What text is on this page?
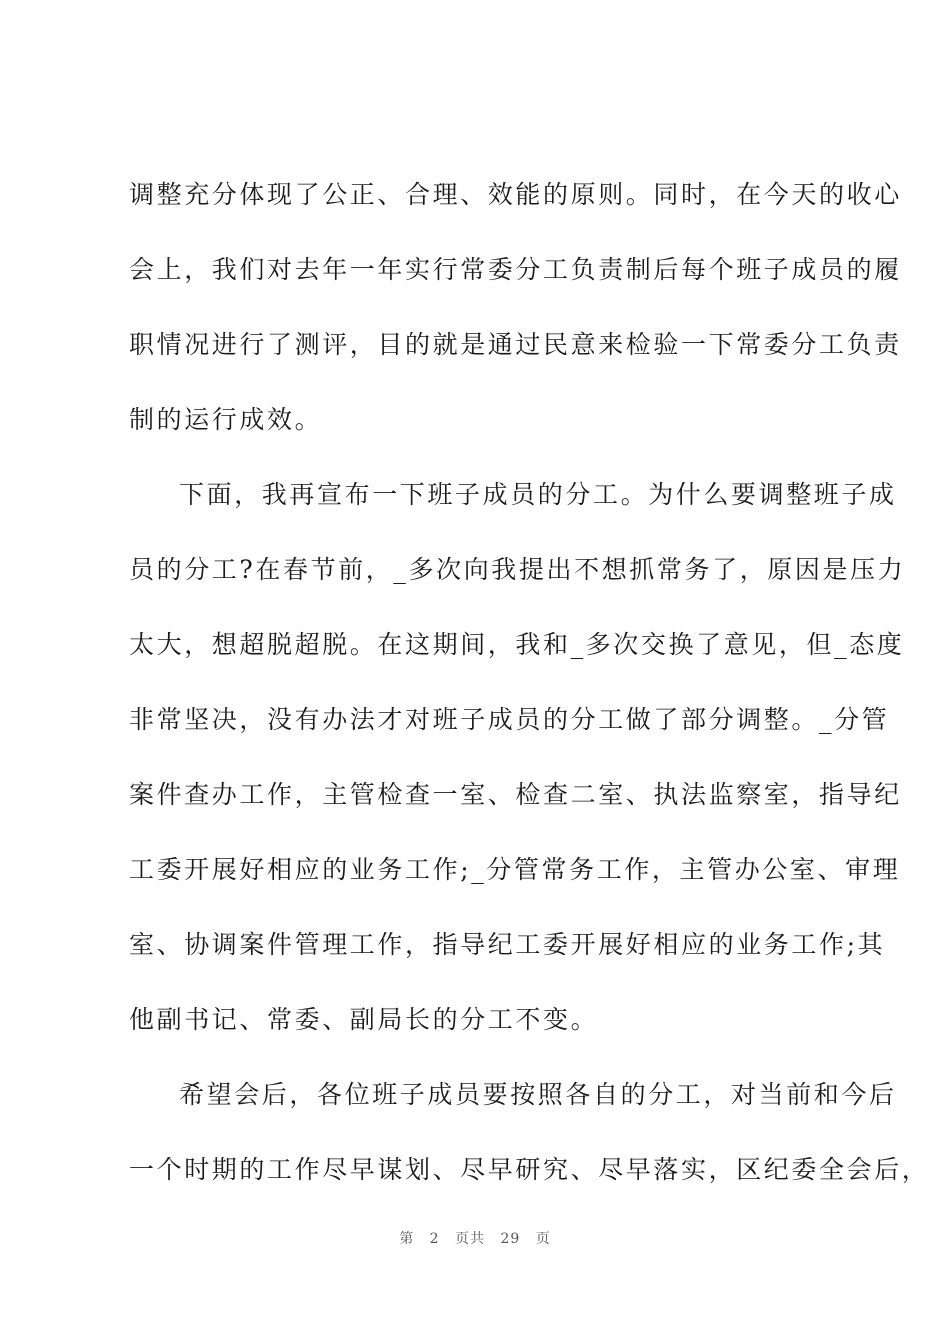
调整充分体现了公正、合理、效能的原则。同时，在今天的收心
会上，我们对去年一年实行常委分工负责制后每个班子成员的履
职情况进行了测评，目的就是通过民意来检验一下常委分工负责
制的运行成效。
下面，我再宣布一下班子成员的分工。为什么要调整班子成
员的分工?在春节前，_多次向我提出不想抓常务了，原因是压力
太大，想超脱超脱。在这期间，我和_多次交换了意见，但_态度
非常坚决，没有办法才对班子成员的分工做了部分调整。_分管
案件查办工作，主管检查一室、检查二室、执法监察室，指导纪
工委开展好相应的业务工作;_分管常务工作，主管办公室、审理
室、协调案件管理工作，指导纪工委开展好相应的业务工作;其
他副书记、常委、副局长的分工不变。
希望会后，各位班子成员要按照各自的分工，对当前和今后
一个时期的工作尽早谋划、尽早研究、尽早落实，区纪委全会后，
第 2 页共 29 页
